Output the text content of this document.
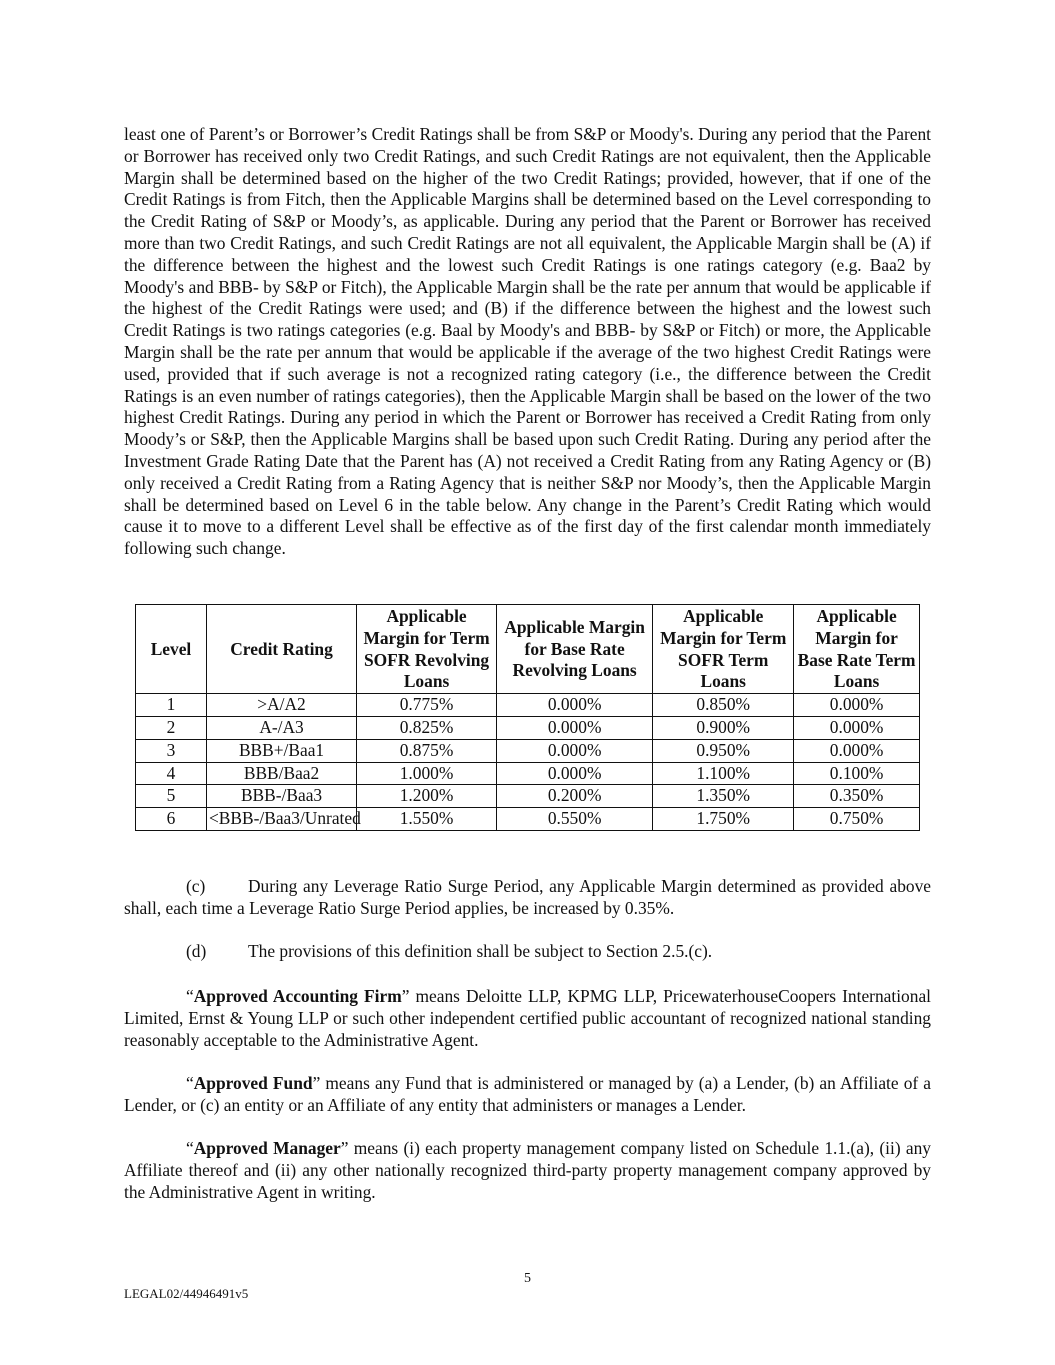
least one of Parent’s or Borrower’s Credit Ratings shall be from S&P or Moody's. During any period that the Parent or Borrower has received only two Credit Ratings, and such Credit Ratings are not equivalent, then the Applicable Margin shall be determined based on the higher of the two Credit Ratings; provided, however, that if one of the Credit Ratings is from Fitch, then the Applicable Margins shall be determined based on the Level corresponding to the Credit Rating of S&P or Moody’s, as applicable. During any period that the Parent or Borrower has received more than two Credit Ratings, and such Credit Ratings are not all equivalent, the Applicable Margin shall be (A) if the difference between the highest and the lowest such Credit Ratings is one ratings category (e.g. Baa2 by Moody's and BBB- by S&P or Fitch), the Applicable Margin shall be the rate per annum that would be applicable if the highest of the Credit Ratings were used; and (B) if the difference between the highest and the lowest such Credit Ratings is two ratings categories (e.g. Baal by Moody's and BBB- by S&P or Fitch) or more, the Applicable Margin shall be the rate per annum that would be applicable if the average of the two highest Credit Ratings were used, provided that if such average is not a recognized rating category (i.e., the difference between the Credit Ratings is an even number of ratings categories), then the Applicable Margin shall be based on the lower of the two highest Credit Ratings. During any period in which the Parent or Borrower has received a Credit Rating from only Moody’s or S&P, then the Applicable Margins shall be based upon such Credit Rating. During any period after the Investment Grade Rating Date that the Parent has (A) not received a Credit Rating from any Rating Agency or (B) only received a Credit Rating from a Rating Agency that is neither S&P nor Moody’s, then the Applicable Margin shall be determined based on Level 6 in the table below. Any change in the Parent’s Credit Rating which would cause it to move to a different Level shall be effective as of the first day of the first calendar month immediately following such change.

Level	Credit Rating	Applicable Margin for Term SOFR Revolving Loans	Applicable Margin for Base Rate Revolving Loans	Applicable Margin for Term SOFR Term Loans	Applicable Margin for Base Rate Term Loans
1	>A/A2	0.775%	0.000%	0.850%	0.000%
2	A-/A3	0.825%	0.000%	0.900%	0.000%
3	BBB+/Baa1	0.875%	0.000%	0.950%	0.000%
4	BBB/Baa2	1.000%	0.000%	1.100%	0.100%
5	BBB-/Baa3	1.200%	0.200%	1.350%	0.350%
6	<BBB-/Baa3/Unrated	1.550%	0.550%	1.750%	0.750%

(c) During any Leverage Ratio Surge Period, any Applicable Margin determined as provided above shall, each time a Leverage Ratio Surge Period applies, be increased by 0.35%.

(d) The provisions of this definition shall be subject to Section 2.5.(c).

“Approved Accounting Firm” means Deloitte LLP, KPMG LLP, PricewaterhouseCoopers International Limited, Ernst & Young LLP or such other independent certified public accountant of recognized national standing reasonably acceptable to the Administrative Agent.

“Approved Fund” means any Fund that is administered or managed by (a) a Lender, (b) an Affiliate of a Lender, or (c) an entity or an Affiliate of any entity that administers or manages a Lender.

“Approved Manager” means (i) each property management company listed on Schedule 1.1.(a), (ii) any Affiliate thereof and (ii) any other nationally recognized third-party property management company approved by the Administrative Agent in writing.

5
LEGAL02/44946491v5
